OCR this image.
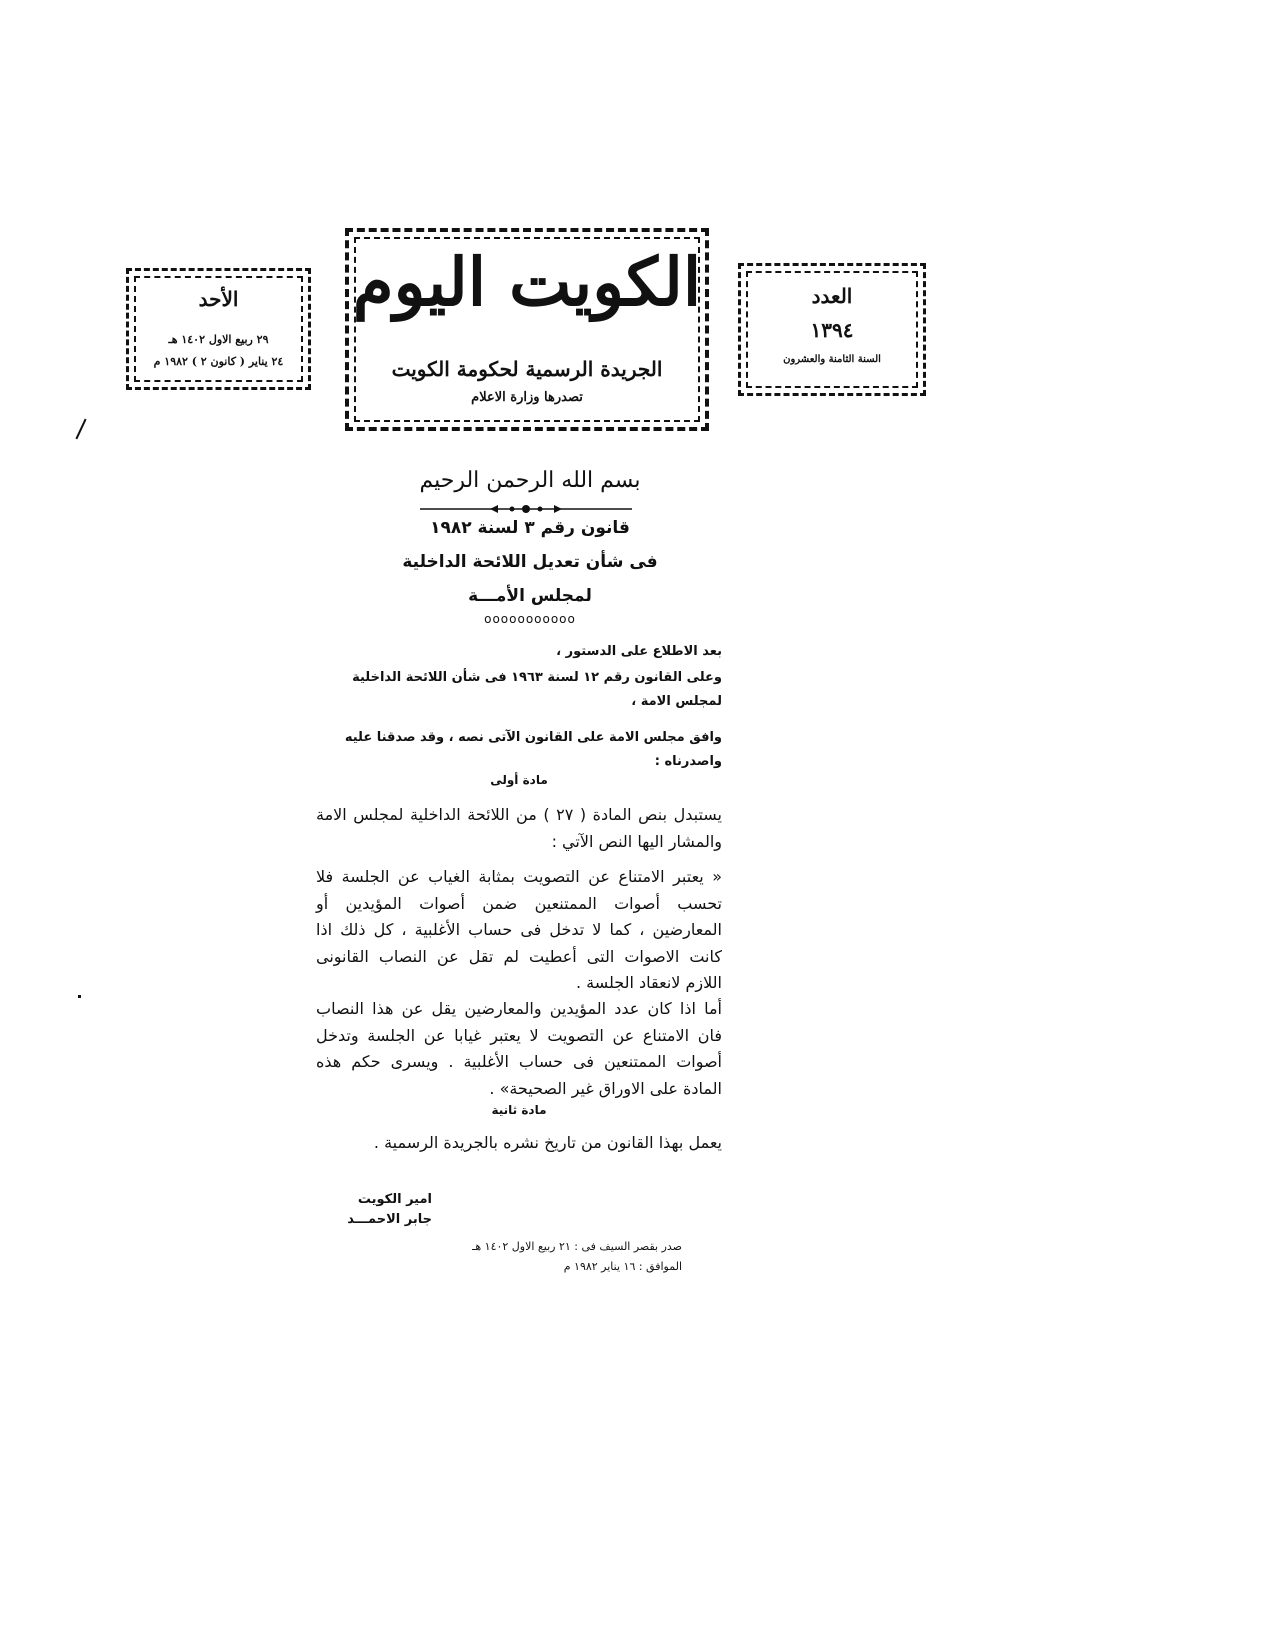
الأحد
٢٩ ربيع الاول ١٤٠٢ هـ
٢٤ يناير ( كانون ٢ ) ١٩٨٢ م
الكويت اليوم
الجريدة الرسمية لحكومة الكويت
تصدرها وزارة الاعلام
العدد
١٣٩٤
السنة الثامنة والعشرون
بسم الله الرحمن الرحيم
قانون رقم ٣ لسنة ١٩٨٢
فى شأن تعديل اللائحة الداخلية
لمجلس الأمـــة
ooooooooooo
بعد الاطلاع على الدستور ،
وعلى القانون رقم ١٢ لسنة ١٩٦٣ فى شأن اللائحة الداخلية لمجلس الامة ،
وافق مجلس الامة على القانون الآتى نصه ، وقد صدقنا عليه واصدرناه :
مادة أولى
يستبدل بنص المادة ( ٢٧ ) من اللائحة الداخلية لمجلس الامة والمشار اليها النص الآتي :
« يعتبر الامتناع عن التصويت بمثابة الغياب عن الجلسة فلا تحسب أصوات الممتنعين ضمن أصوات المؤيدين أو المعارضين ، كما لا تدخل فى حساب الأغلبية ، كل ذلك اذا كانت الاصوات التى أعطيت لم تقل عن النصاب القانونى اللازم لانعقاد الجلسة .
أما اذا كان عدد المؤيدين والمعارضين يقل عن هذا النصاب فان الامتناع عن التصويت لا يعتبر غيابا عن الجلسة وتدخل أصوات الممتنعين فى حساب الأغلبية . ويسرى حكم هذه المادة على الاوراق غير الصحيحة» .
مادة ثانية
يعمل بهذا القانون من تاريخ نشره بالجريدة الرسمية .
امير الكويت
جابر الاحمـــد
صدر بقصر السيف فى : ٢١ ربيع الاول ١٤٠٢ هـ
الموافق : ١٦ يناير ١٩٨٢ م
